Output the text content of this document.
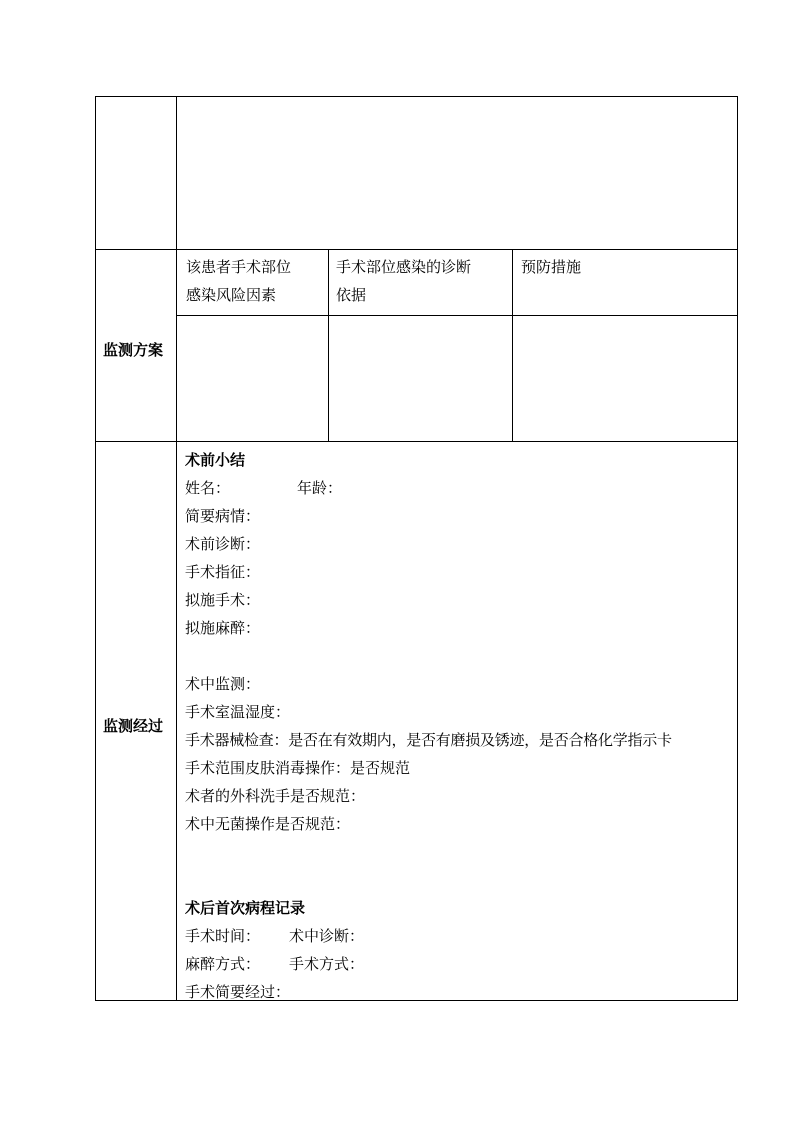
监测方案
该患者手术部位
感染风险因素
手术部位感染的诊断
依据
预防措施
监测经过
术前小结
姓名：	年龄：
简要病情：
术前诊断：
手术指征：
拟施手术：
拟施麻醉：
术中监测：
手术室温湿度：
手术器械检查：是否在有效期内，是否有磨损及锈迹，是否合格化学指示卡
手术范围皮肤消毒操作：是否规范
术者的外科洗手是否规范：
术中无菌操作是否规范：
术后首次病程记录
手术时间： 术中诊断：
麻醉方式： 手术方式：
手术简要经过：
